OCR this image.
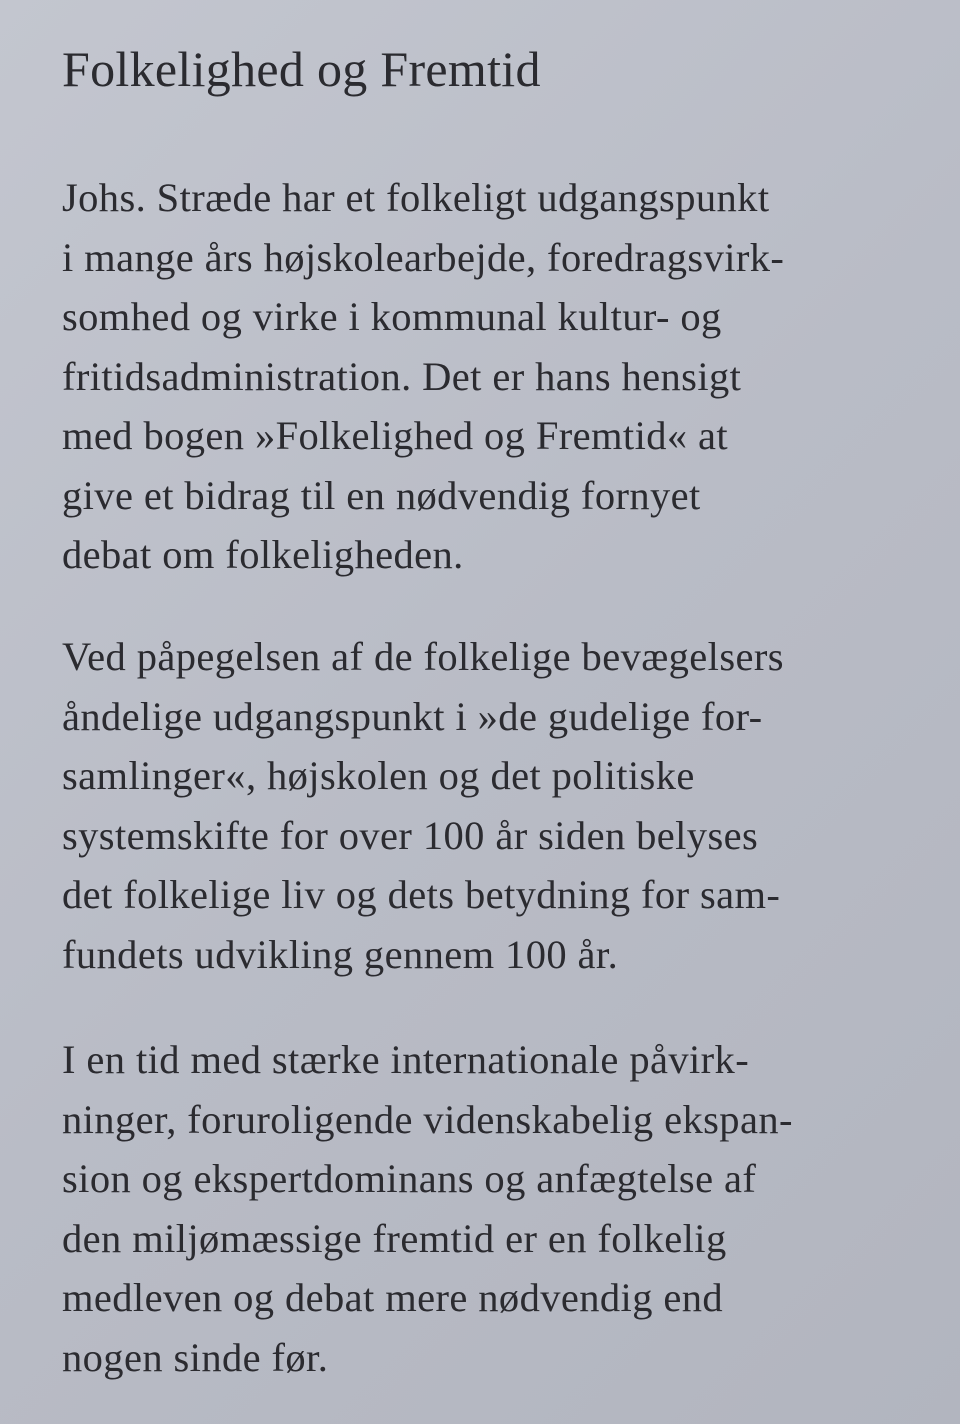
Folkelighed og Fremtid
Johs. Stræde har et folkeligt udgangspunkt
i mange års højskolearbejde, foredragsvirk-
somhed og virke i kommunal kultur- og
fritidsadministration. Det er hans hensigt
med bogen »Folkelighed og Fremtid« at
give et bidrag til en nødvendig fornyet
debat om folkeligheden.
Ved påpegelsen af de folkelige bevægelsers
åndelige udgangspunkt i »de gudelige for-
samlinger«, højskolen og det politiske
systemskifte for over 100 år siden belyses
det folkelige liv og dets betydning for sam-
fundets udvikling gennem 100 år.
I en tid med stærke internationale påvirk-
ninger, foruroligende videnskabelig ekspan-
sion og ekspertdominans og anfægtelse af
den miljømæssige fremtid er en folkelig
medleven og debat mere nødvendig end
nogen sinde før.
